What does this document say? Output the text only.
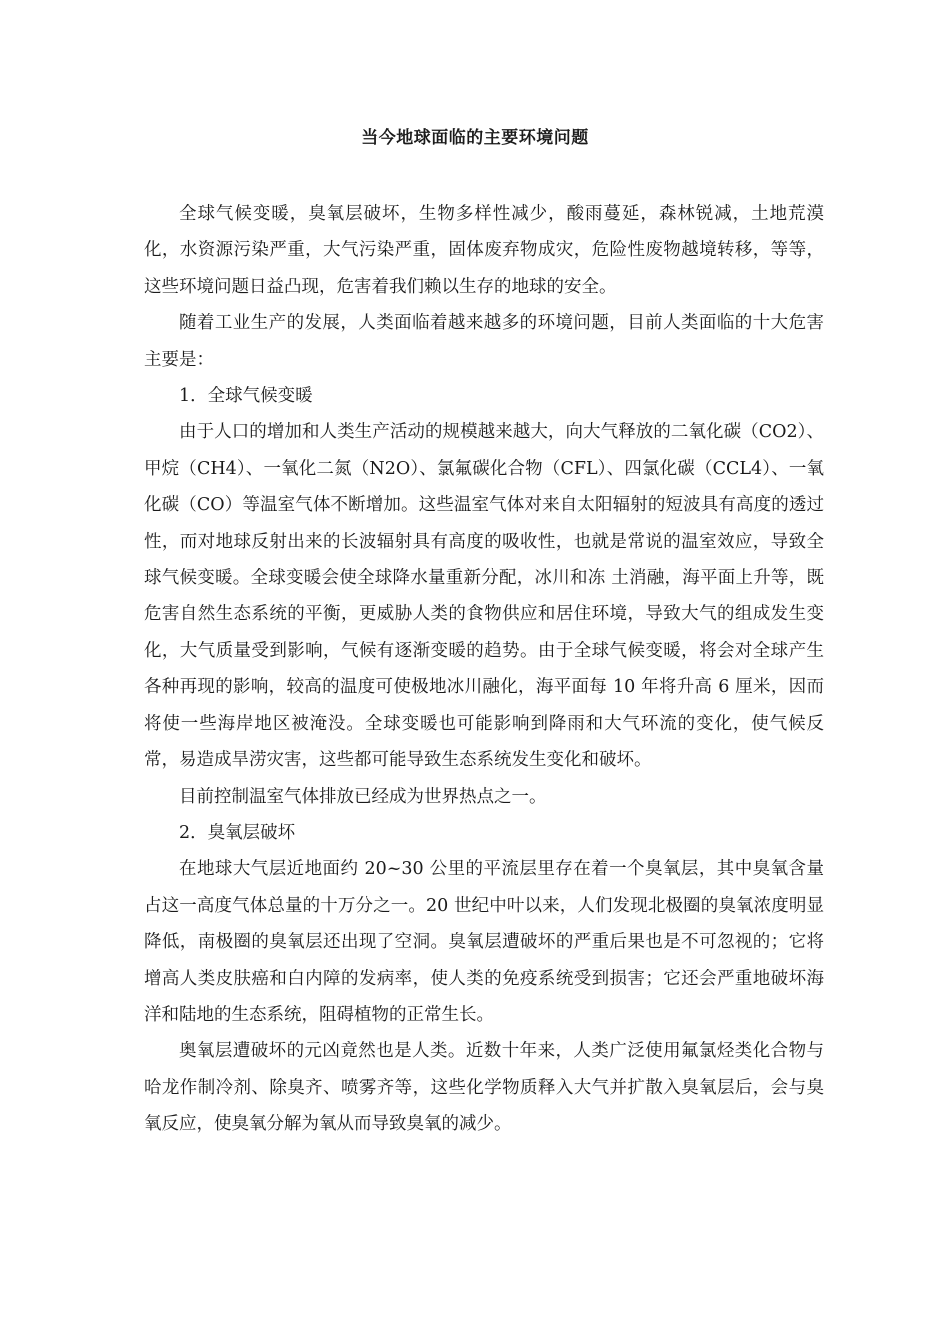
当今地球面临的主要环境问题

全球气候变暖，臭氧层破坏，生物多样性减少，酸雨蔓延，森林锐减，土地荒漠化，水资源污染严重，大气污染严重，固体废弃物成灾，危险性废物越境转移，等等，这些环境问题日益凸现，危害着我们赖以生存的地球的安全。

随着工业生产的发展，人类面临着越来越多的环境问题，目前人类面临的十大危害主要是：

1．全球气候变暖

由于人口的增加和人类生产活动的规模越来越大，向大气释放的二氧化碳（CO2）、甲烷（CH4）、一氧化二氮（N2O）、氯氟碳化合物（CFL）、四氯化碳（CCL4）、一氧化碳（CO）等温室气体不断增加。这些温室气体对来自太阳辐射的短波具有高度的透过性，而对地球反射出来的长波辐射具有高度的吸收性，也就是常说的温室效应，导致全球气候变暖。全球变暖会使全球降水量重新分配，冰川和冻 土消融，海平面上升等，既危害自然生态系统的平衡，更威胁人类的食物供应和居住环境，导致大气的组成发生变化，大气质量受到影响，气候有逐渐变暖的趋势。由于全球气候变暖，将会对全球产生各种再现的影响，较高的温度可使极地冰川融化，海平面每 10 年将升高 6 厘米，因而将使一些海岸地区被淹没。全球变暖也可能影响到降雨和大气环流的变化，使气候反常，易造成旱涝灾害，这些都可能导致生态系统发生变化和破坏。

目前控制温室气体排放已经成为世界热点之一。

2．臭氧层破坏

在地球大气层近地面约 20~30 公里的平流层里存在着一个臭氧层，其中臭氧含量占这一高度气体总量的十万分之一。20 世纪中叶以来，人们发现北极圈的臭氧浓度明显降低，南极圈的臭氧层还出现了空洞。臭氧层遭破坏的严重后果也是不可忽视的；它将增高人类皮肤癌和白内障的发病率，使人类的免疫系统受到损害；它还会严重地破坏海洋和陆地的生态系统，阻碍植物的正常生长。

奥氧层遭破坏的元凶竟然也是人类。近数十年来，人类广泛使用氟氯烃类化合物与哈龙作制冷剂、除臭齐、喷雾齐等，这些化学物质释入大气并扩散入臭氧层后，会与臭氧反应，使臭氧分解为氧从而导致臭氧的减少。
